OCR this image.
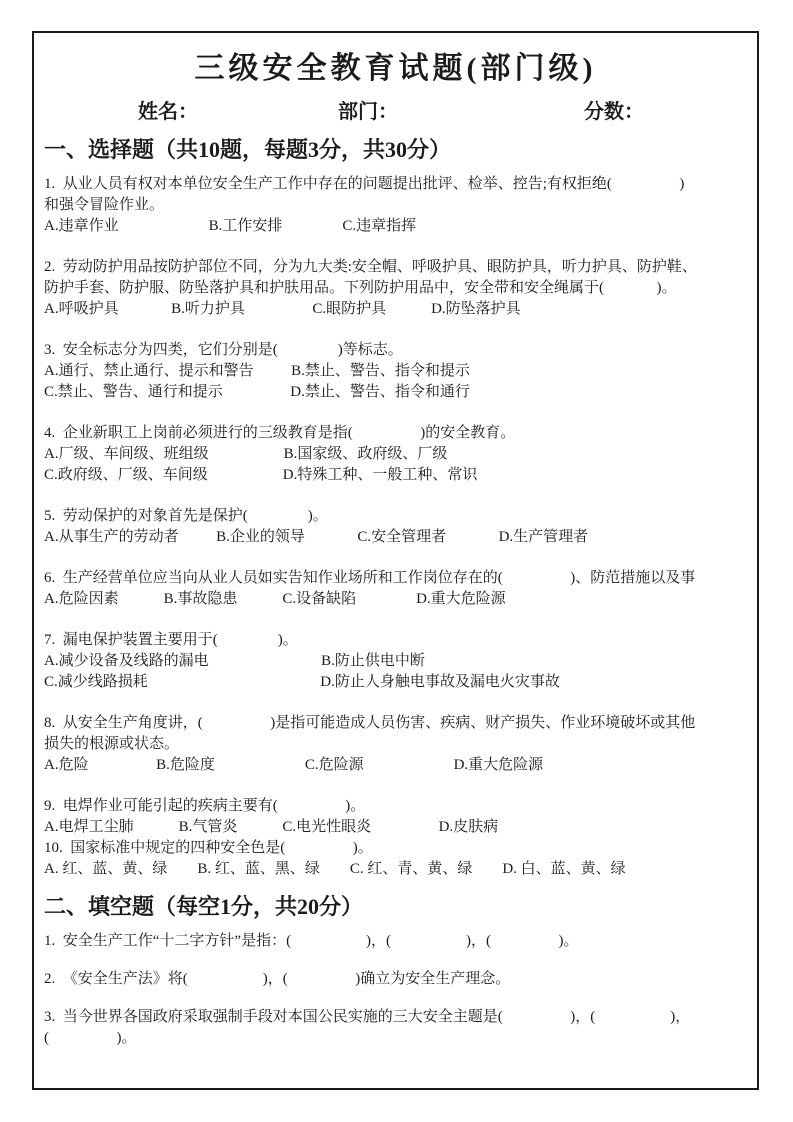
三级安全教育试题(部门级)
姓名：	部门：	分数：
一、选择题（共10题，每题3分，共30分）
1.  从业人员有权对本单位安全生产工作中存在的问题提出批评、检举、控告;有权拒绝(                  )
和强令冒险作业。
A.违章作业                        B.工作安排                C.违章指挥
2.  劳动防护用品按防护部位不同，分为九大类:安全帽、呼吸护具、眼防护具，听力护具、防护鞋、
防护手套、防护服、防坠落护具和护肤用品。下列防护用品中，安全带和安全绳属于(              )。
A.呼吸护具              B.听力护具                  C.眼防护具            D.防坠落护具
3.  安全标志分为四类，它们分别是(                )等标志。
A.通行、禁止通行、提示和警告          B.禁止、警告、指令和提示
C.禁止、警告、通行和提示                  D.禁止、警告、指令和通行
4.  企业新职工上岗前必须进行的三级教育是指(                  )的安全教育。
A.厂级、车间级、班组级                    B.国家级、政府级、厂级
C.政府级、厂级、车间级                    D.特殊工种、一般工种、常识
5.  劳动保护的对象首先是保护(                )。
A.从事生产的劳动者          B.企业的领导              C.安全管理者              D.生产管理者
6.  生产经营单位应当向从业人员如实告知作业场所和工作岗位存在的(                  )、防范措施以及事
A.危险因素            B.事故隐患            C.设备缺陷                D.重大危险源
7.  漏电保护装置主要用于(                )。
A.减少设备及线路的漏电                              B.防止供电中断
C.减少线路损耗                                              D.防止人身触电事故及漏电火灾事故
8.  从安全生产角度讲，(                  )是指可能造成人员伤害、疾病、财产损失、作业环境破坏或其他
损失的根源或状态。
A.危险                  B.危险度                        C.危险源                        D.重大危险源
9.  电焊作业可能引起的疾病主要有(                  )。
A.电焊工尘肺            B.气管炎            C.电光性眼炎                  D.皮肤病
10.  国家标准中规定的四种安全色是(                  )。
A. 红、蓝、黄、绿        B. 红、蓝、黑、绿        C. 红、青、黄、绿        D. 白、蓝、黄、绿
二、填空题（每空1分，共20分）
1.  安全生产工作“十二字方针”是指：(                    )，(                    )，(                  )。
2.  《安全生产法》将(                    )，(                  )确立为安全生产理念。
3.  当今世界各国政府采取强制手段对本国公民实施的三大安全主题是(                  )，(                    )，
(                  )。
